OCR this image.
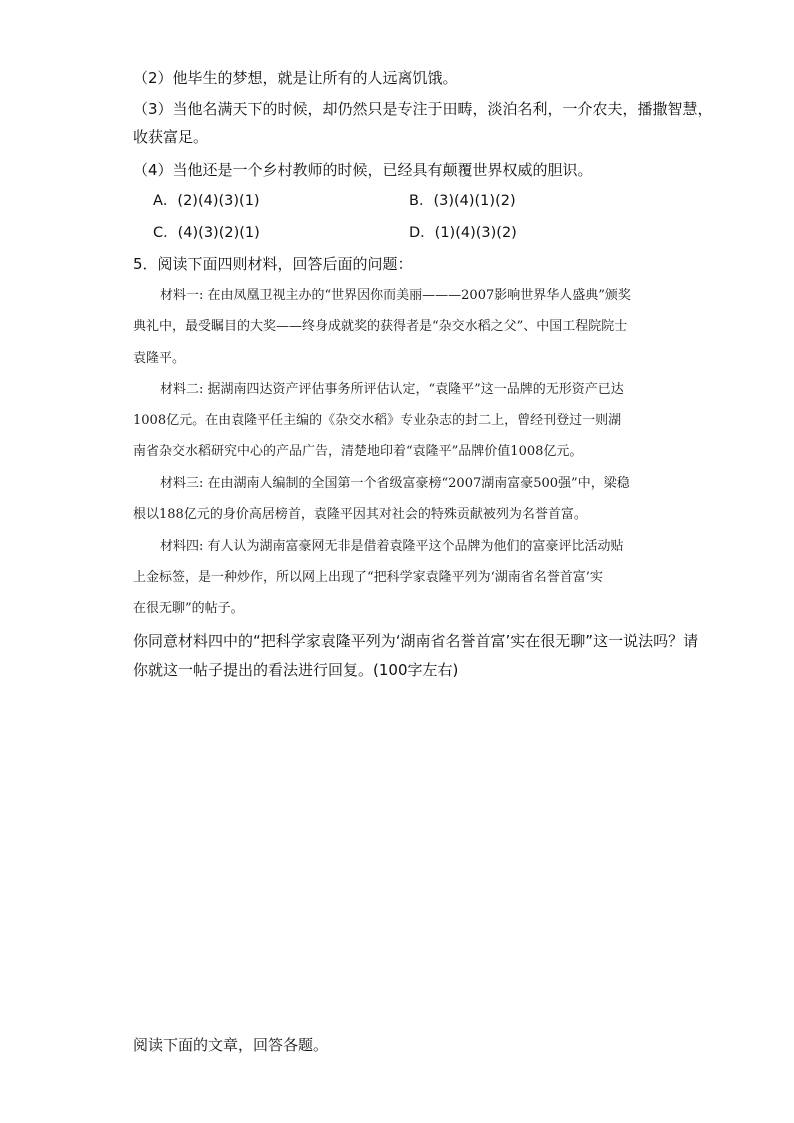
（2）他毕生的梦想，就是让所有的人远离饥饿。
（3）当他名满天下的时候，却仍然只是专注于田畴，淡泊名利，一介农夫，播撒智慧，
收获富足。
（4）当他还是一个乡村教师的时候，已经具有颠覆世界权威的胆识。
A．(2)(4)(3)(1)	B．(3)(4)(1)(2)
C．(4)(3)(2)(1)	D．(1)(4)(3)(2)
5．阅读下面四则材料，回答后面的问题：
材料一: 在由凤凰卫视主办的“世界因你而美丽———2007影响世界华人盛典”颁奖
典礼中，最受瞩目的大奖——终身成就奖的获得者是“杂交水稻之父”、中国工程院院士
袁隆平。
材料二: 据湖南四达资产评估事务所评估认定，“袁隆平”这一品牌的无形资产已达
1008亿元。在由袁隆平任主编的《杂交水稻》专业杂志的封二上，曾经刊登过一则湖
南省杂交水稻研究中心的产品广告，清楚地印着“袁隆平”品牌价值1008亿元。
材料三: 在由湖南人编制的全国第一个省级富豪榜“2007湖南富豪500强”中，梁稳
根以188亿元的身价高居榜首，袁隆平因其对社会的特殊贡献被列为名誉首富。
材料四: 有人认为湖南富豪网无非是借着袁隆平这个品牌为他们的富豪评比活动贴
上金标签，是一种炒作，所以网上出现了“把科学家袁隆平列为‘湖南省名誉首富’实
在很无聊”的帖子。
你同意材料四中的“把科学家袁隆平列为‘湖南省名誉首富’实在很无聊”这一说法吗？请
你就这一帖子提出的看法进行回复。(100字左右)
阅读下面的文章，回答各题。
